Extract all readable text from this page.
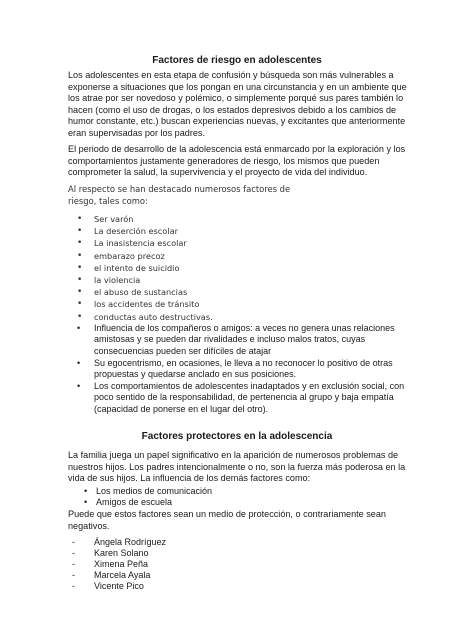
Factores de riesgo en adolescentes
Los adolescentes en esta etapa de confusión y búsqueda son más vulnerables a exponerse a situaciones que los pongan en una circunstancia y en un ambiente que los atrae por ser novedoso y polémico, o simplemente porqué sus pares también lo hacen (como el uso de drogas, o los estados depresivos debido a los cambios de humor constante, etc.) buscan experiencias nuevas, y excitantes que anteriormente eran supervisadas por los padres.
El periodo de desarrollo de la adolescencia está enmarcado por la exploración y los comportamientos justamente generadores de riesgo, los mismos que pueden comprometer la salud, la supervivencia y el proyecto de vida del individuo.
Al respecto se han destacado numerosos factores de riesgo, tales como:
• Ser varón
• La deserción escolar
• La inasistencia escolar
• embarazo precoz
• el intento de suicidio
• la violencia
• el abuso de sustancias
• los accidentes de tránsito
• conductas auto destructivas.
• Influencia de los compañeros o amigos: a veces no genera unas relaciones amistosas y se pueden dar rivalidades e incluso malos tratos, cuyas consecuencias pueden ser difíciles de atajar
• Su egocentrismo, en ocasiones, le lleva a no reconocer lo positivo de otras propuestas y quedarse anclado en sus posiciones.
• Los comportamientos de adolescentes inadaptados y en exclusión social, con poco sentido de la responsabilidad, de pertenencia al grupo y baja empatía (capacidad de ponerse en el lugar del otro).
Factores protectores en la adolescencia
La familia juega un papel significativo en la aparición de numerosos problemas de nuestros hijos. Los padres intencionalmente o no, son la fuerza más poderosa en la vida de sus hijos. La influencia de los demás factores como:
• Los medios de comunicación
• Amigos de escuela
Puede que estos factores sean un medio de protección, o contrariamente sean negativos.
- Ángela Rodríguez
- Karen Solano
- Ximena Peña
- Marcela Ayala
- Vicente Pico
